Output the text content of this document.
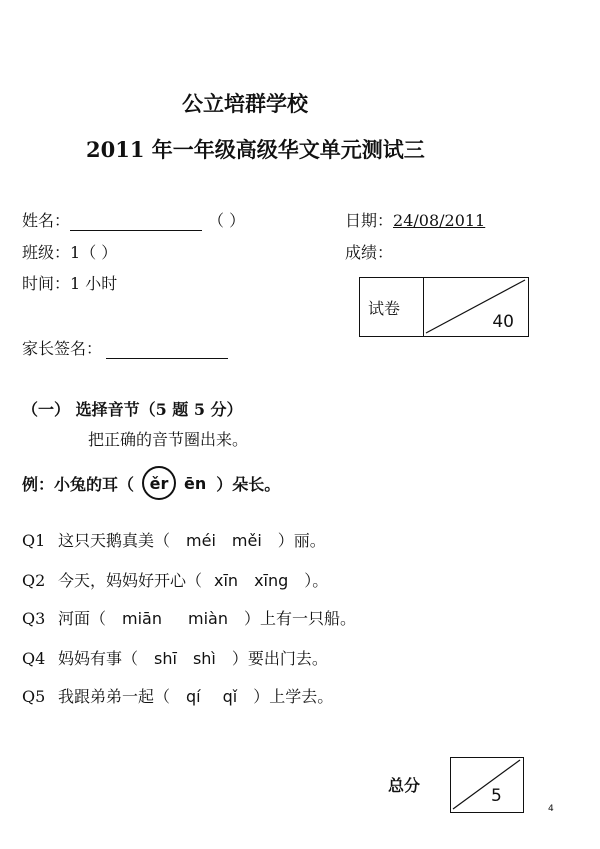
公立培群学校
2011 年一年级高级华文单元测试三
姓名：	（ ）	日期：24/08/2011
班级：1（ ）	成绩：
时间：1 小时
试卷
40
家长签名：
（一） 选择音节（5 题 5 分）
把正确的音节圈出来。
例：小兔的耳（ ěr ēn ）朵长。
Q1 这只天鹅真美（ méi měi ）丽。
Q2 今天，妈妈好开心（ xīn xīng ）。
Q3 河面（ miān miàn ）上有一只船。
Q4 妈妈有事（ shī shì ）要出门去。
Q5 我跟弟弟一起（ qí qǐ ）上学去。
总分
5
4
